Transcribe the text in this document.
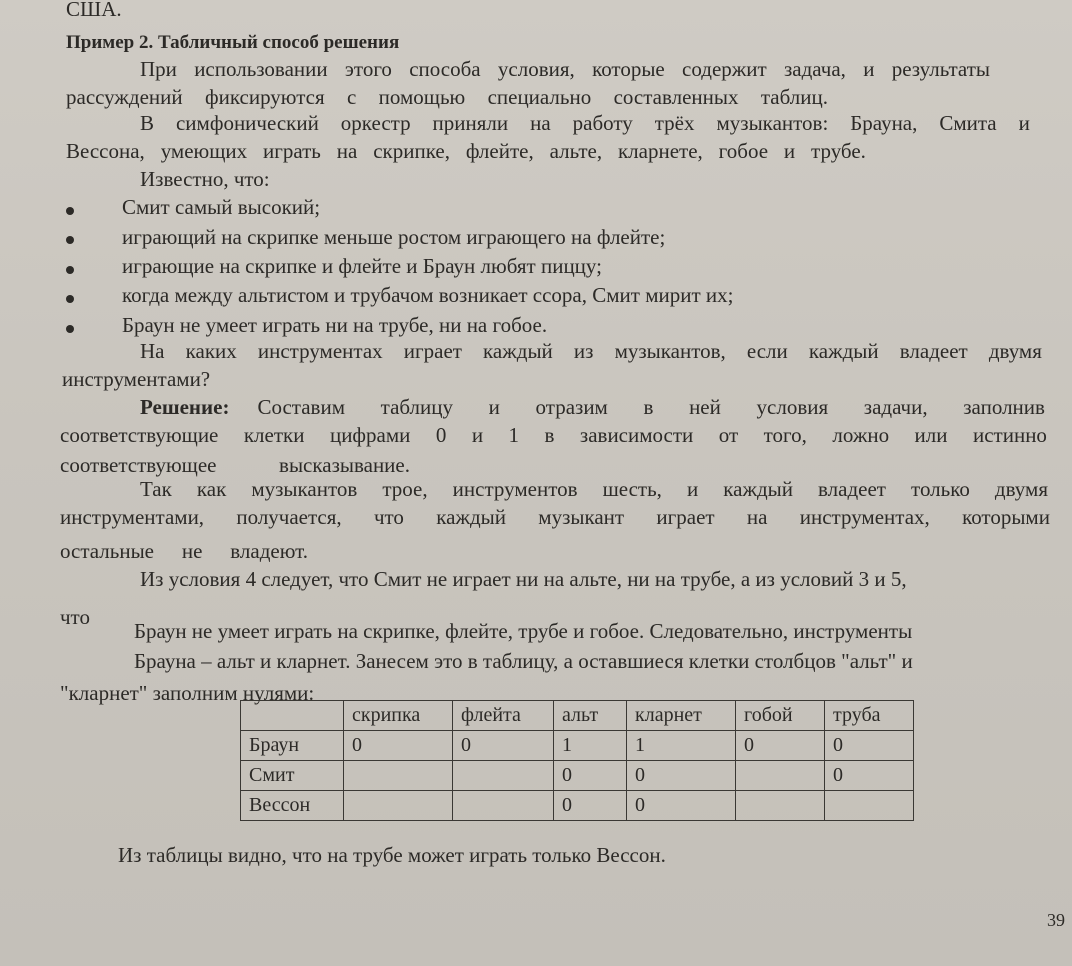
США.
Пример 2. Табличный способ решения
При использовании этого способа условия, которые содержит задача, и результаты
рассуждений фиксируются с помощью специально составленных таблиц.
В симфонический оркестр приняли на работу трёх музыкантов: Брауна, Смита и
Вессона, умеющих играть на скрипке, флейте, альте, кларнете, гобое и трубе.
Известно, что:
Смит самый высокий;
играющий на скрипке меньше ростом играющего на флейте;
играющие на скрипке и флейте и Браун любят пиццу;
когда между альтистом и трубачом возникает ссора, Смит мирит их;
Браун не умеет играть ни на трубе, ни на гобое.
На каких инструментах играет каждый из музыкантов, если каждый владеет двумя
инструментами?
Решение: Составим таблицу и отразим в ней условия задачи, заполнив
соответствующие клетки цифрами 0 и 1 в зависимости от того, ложно или истинно
соответствующее	высказывание.
Так как музыкантов трое, инструментов шесть, и каждый владеет только двумя
инструментами, получается, что каждый музыкант играет на инструментах, которыми
остальные не владеют.
Из условия 4 следует, что Смит не играет ни на альте, ни на трубе, а из условий 3 и 5,
что
Браун не умеет играть на скрипке, флейте, трубе и гобое. Следовательно, инструменты
Брауна – альт и кларнет. Занесем это в таблицу, а оставшиеся клетки столбцов "альт" и
"кларнет" заполним нулями:
	скрипка	флейта	альт	кларнет	гобой	труба
Браун	0	0	1	1	0	0
Смит			0	0		0
Вессон			0	0		
Из таблицы видно, что на трубе может играть только Вессон.
39
